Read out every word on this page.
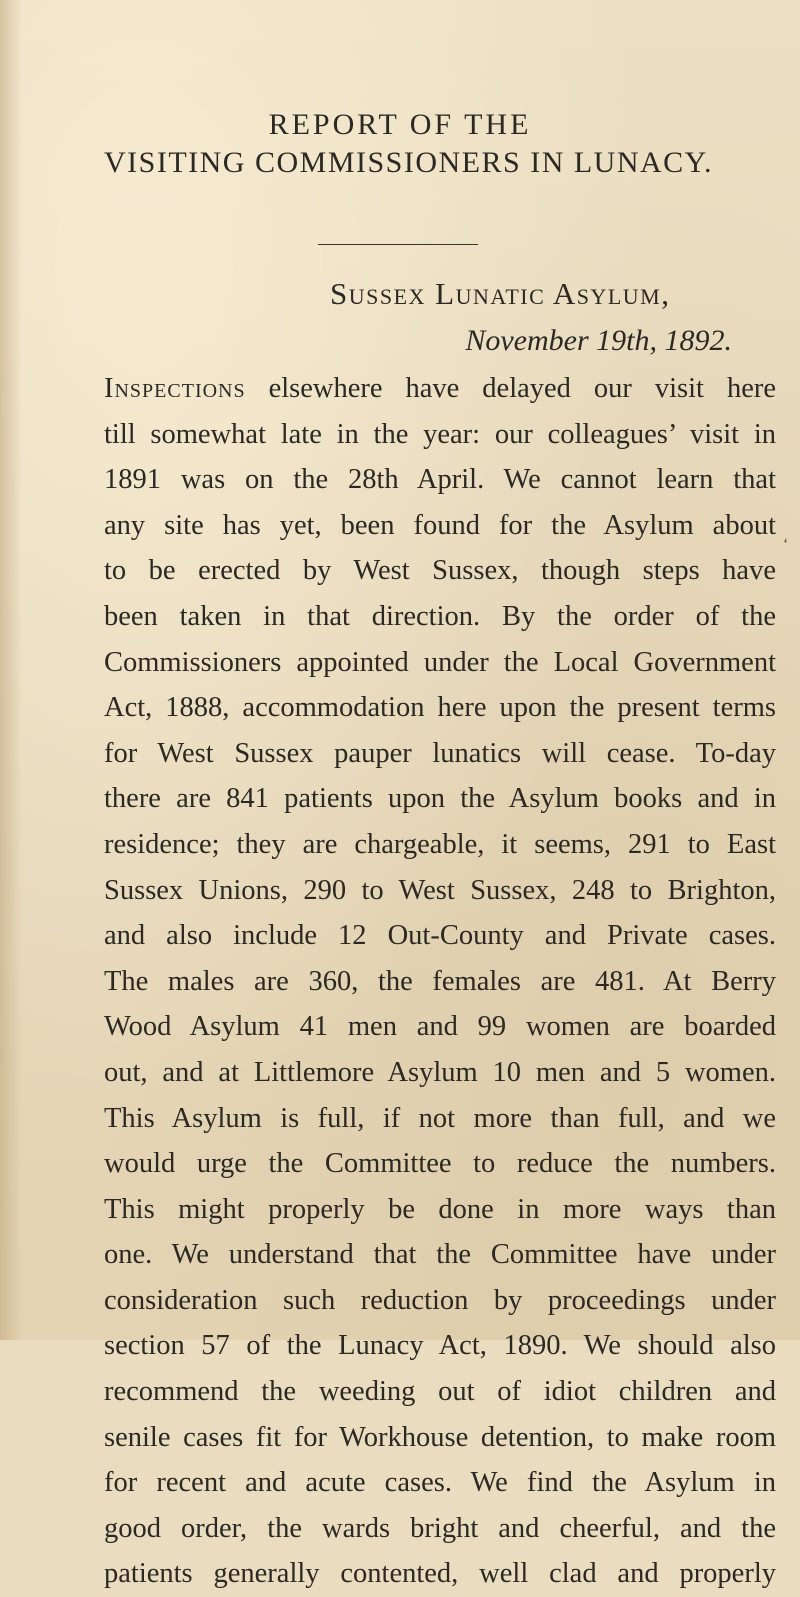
REPORT OF THE
VISITING COMMISSIONERS IN LUNACY.
Sussex Lunatic Asylum,
November 19th, 1892.
Inspections elsewhere have delayed our visit here
till somewhat late in the year: our colleagues’ visit in
1891 was on the 28th April. We cannot learn that
any site has yet, been found for the Asylum about
to be erected by West Sussex, though steps have
been taken in that direction. By the order of the
Commissioners appointed under the Local Government
Act, 1888, accommodation here upon the present terms
for West Sussex pauper lunatics will cease. To-day
there are 841 patients upon the Asylum books and in
residence; they are chargeable, it seems, 291 to East
Sussex Unions, 290 to West Sussex, 248 to Brighton,
and also include 12 Out-County and Private cases.
The males are 360, the females are 481. At Berry
Wood Asylum 41 men and 99 women are boarded
out, and at Littlemore Asylum 10 men and 5 women.
This Asylum is full, if not more than full, and we
would urge the Committee to reduce the numbers.
This might properly be done in more ways than
one. We understand that the Committee have under
consideration such reduction by proceedings under
section 57 of the Lunacy Act, 1890. We should also
recommend the weeding out of idiot children and
senile cases fit for Workhouse detention, to make room
for recent and acute cases. We find the Asylum in
good order, the wards bright and cheerful, and the
patients generally contented, well clad and properly
‘
